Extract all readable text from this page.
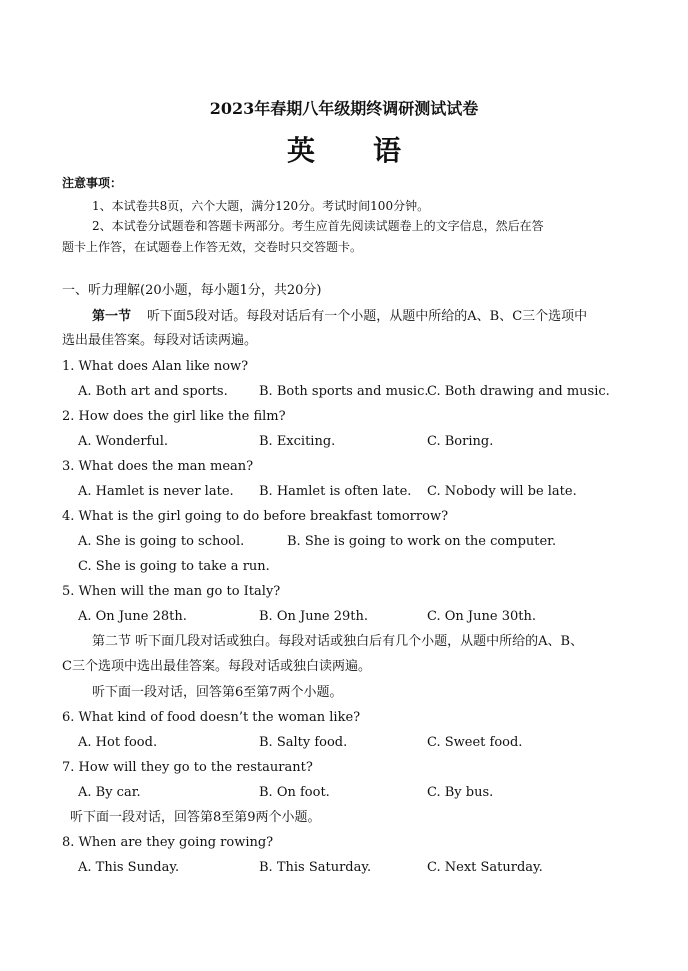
2023年春期八年级期终调研测试试卷
英语
注意事项：
1、本试卷共8页，六个大题，满分120分。考试时间100分钟。
2、本试卷分试题卷和答题卡两部分。考生应首先阅读试题卷上的文字信息，然后在答
题卡上作答，在试题卷上作答无效，交卷时只交答题卡。
一、听力理解(20小题，每小题1分，共20分)
第一节 听下面5段对话。每段对话后有一个小题，从题中所给的A、B、C三个选项中
选出最佳答案。每段对话读两遍。
1. What does Alan like now?
A. Both art and sports. B. Both sports and music.
C. Both drawing and music.
2. How does the girl like the film?
A. Wonderful.	B. Exciting.	C. Boring.
3. What does the man mean?
A. Hamlet is never late. B. Hamlet is often late. C. Nobody will be late.
4. What is the girl going to do before breakfast tomorrow?
A. She is going to school.	B. She is going to work on the computer.
C. She is going to take a run.
5. When will the man go to Italy?
A. On June 28th.	B. On June 29th.	C. On June 30th.
第二节 听下面几段对话或独白。每段对话或独白后有几个小题，从题中所给的A、B、
C三个选项中选出最佳答案。每段对话或独白读两遍。
听下面一段对话，回答第6至第7两个小题。
6. What kind of food doesn’t the woman like?
A. Hot food.	B. Salty food.	C. Sweet food.
7. How will they go to the restaurant?
A. By car.	B. On foot.	C. By bus.
听下面一段对话，回答第8至第9两个小题。
8. When are they going rowing?
A. This Sunday.	B. This Saturday.	C. Next Saturday.
